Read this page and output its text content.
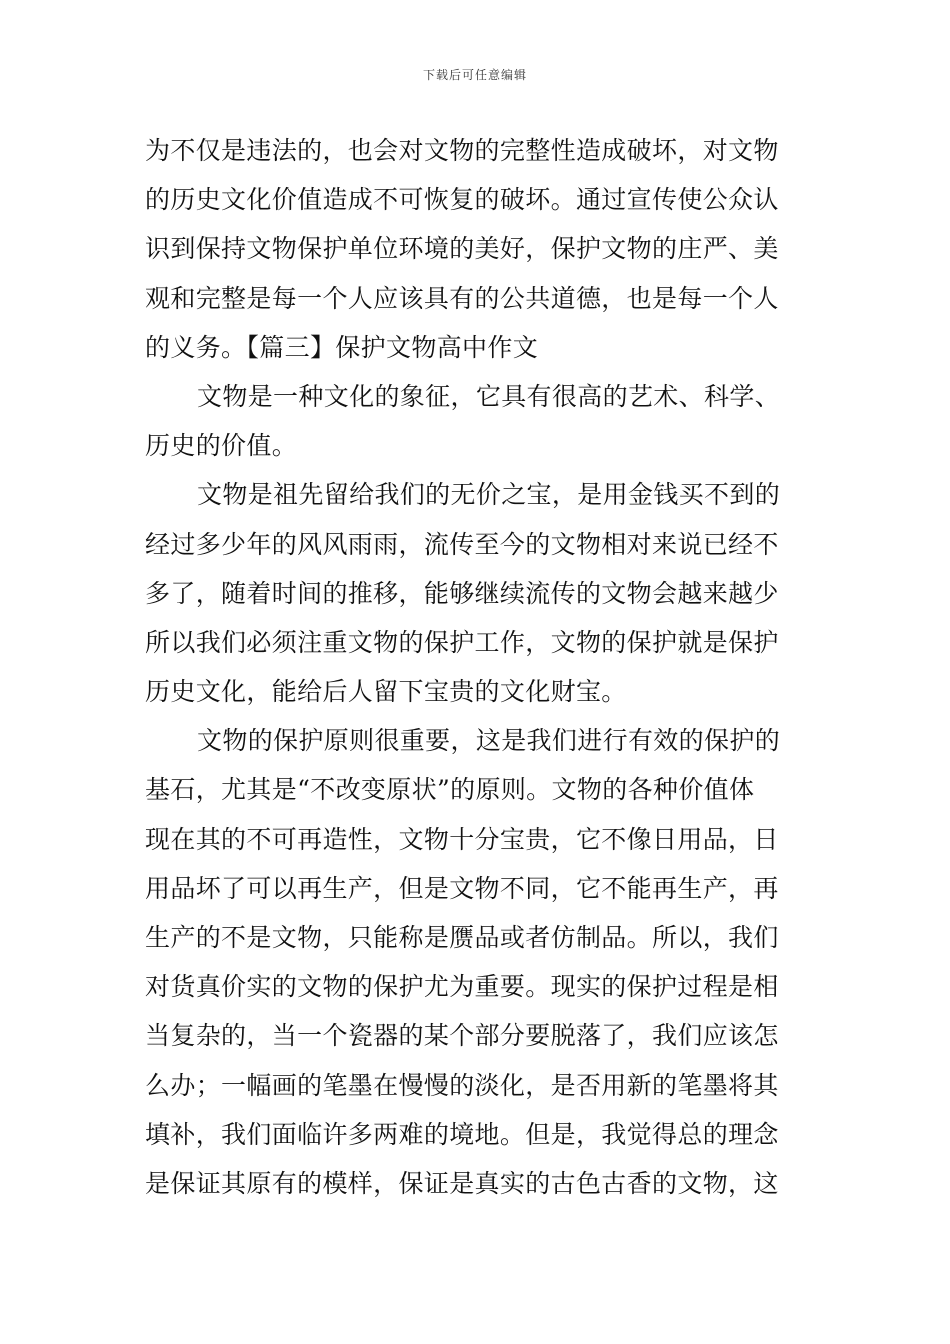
下载后可任意编辑
为不仅是违法的，也会对文物的完整性造成破坏，对文物
的历史文化价值造成不可恢复的破坏。通过宣传使公众认
识到保持文物保护单位环境的美好，保护文物的庄严、美
观和完整是每一个人应该具有的公共道德，也是每一个人
的义务。【篇三】保护文物高中作文
文物是一种文化的象征，它具有很高的艺术、科学、
历史的价值。
文物是祖先留给我们的无价之宝，是用金钱买不到的
经过多少年的风风雨雨，流传至今的文物相对来说已经不
多了，随着时间的推移，能够继续流传的文物会越来越少
所以我们必须注重文物的保护工作，文物的保护就是保护
历史文化，能给后人留下宝贵的文化财宝。
文物的保护原则很重要，这是我们进行有效的保护的
基石，尤其是“不改变原状”的原则。文物的各种价值体
现在其的不可再造性，文物十分宝贵，它不像日用品，日
用品坏了可以再生产，但是文物不同，它不能再生产，再
生产的不是文物，只能称是赝品或者仿制品。所以，我们
对货真价实的文物的保护尤为重要。现实的保护过程是相
当复杂的，当一个瓷器的某个部分要脱落了，我们应该怎
么办；一幅画的笔墨在慢慢的淡化，是否用新的笔墨将其
填补，我们面临许多两难的境地。但是，我觉得总的理念
是保证其原有的模样，保证是真实的古色古香的文物，这
